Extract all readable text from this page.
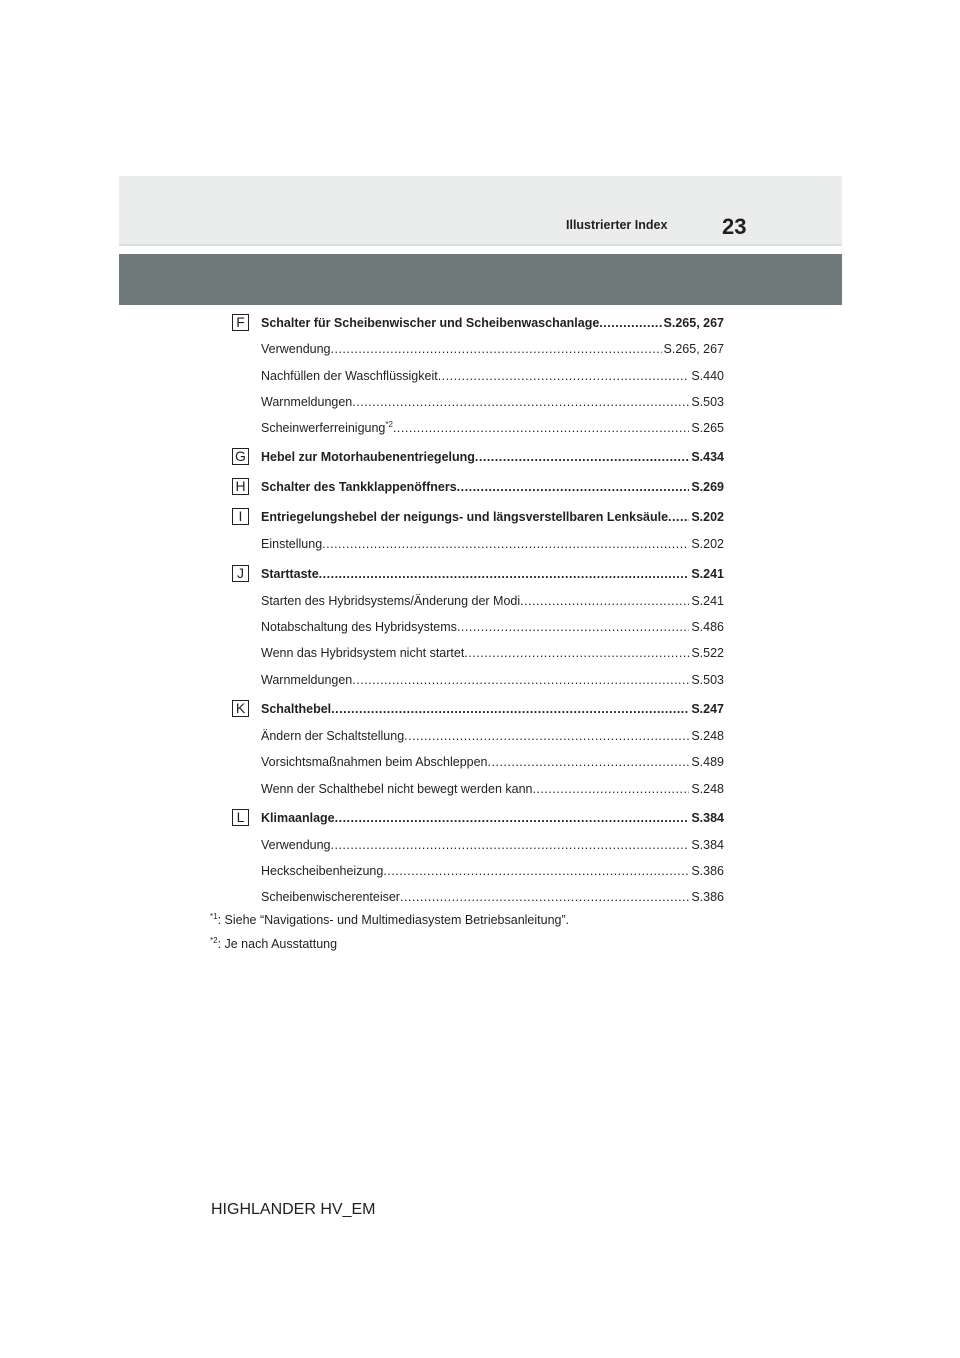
Illustrierter Index 23
F	Schalter für Scheibenwischer und Scheibenwaschanlage .....	S.265, 267
Verwendung .....	S.265, 267
Nachfüllen der Waschflüssigkeit .....	S.440
Warnmeldungen .....	S.503
Scheinwerferreinigung$^{*2}$ .....	S.265
G Hebel zur Motorhaubenentriegelung .....	S.434
H Schalter des Tankklappenöffners .....	S.269
I	Entriegelungshebel der neigungs- und längsverstellbaren Lenksäule ..... S.202
Einstellung .....	S.202
J	Starttaste .....	S.241
Starten des Hybridsystems/Änderung der Modi .....	S.241
Notabschaltung des Hybridsystems .....	S.486
Wenn das Hybridsystem nicht startet .....	S.522
Warnmeldungen .....	S.503
K	Schalthebel .....	S.247
Ändern der Schaltstellung .....	S.248
Vorsichtsmaßnahmen beim Abschleppen .....	S.489
Wenn der Schalthebel nicht bewegt werden kann .....	S.248
L	Klimaanlage .....	S.384
Verwendung .....	S.384
Heckscheibenheizung .....	S.386
Scheibenwischerenteiser .....	S.386
$^{*1}$: Siehe “Navigations- und Multimediasystem Betriebsanleitung”.
$^{*2}$: Je nach Ausstattung
HIGHLANDER HV_EM
